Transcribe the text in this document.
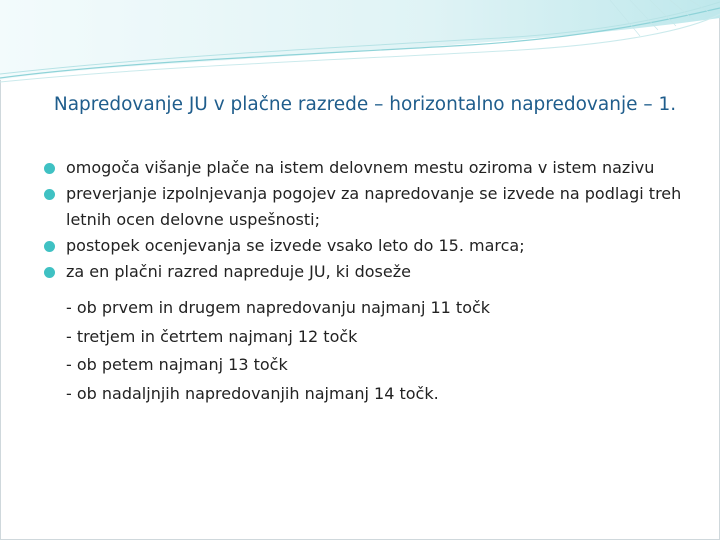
Napredovanje JU v plačne razrede – horizontalno napredovanje – 1.
omogoča višanje plače na istem delovnem mestu oziroma v istem nazivu
preverjanje izpolnjevanja pogojev za napredovanje se izvede na podlagi treh letnih ocen delovne uspešnosti;
postopek ocenjevanja se izvede vsako leto do 15. marca;
za en plačni razred napreduje JU, ki doseže
- ob prvem in drugem napredovanju najmanj 11 točk
- tretjem in četrtem najmanj 12 točk
- ob petem najmanj 13 točk
- ob nadaljnjih napredovanjih najmanj 14 točk.
